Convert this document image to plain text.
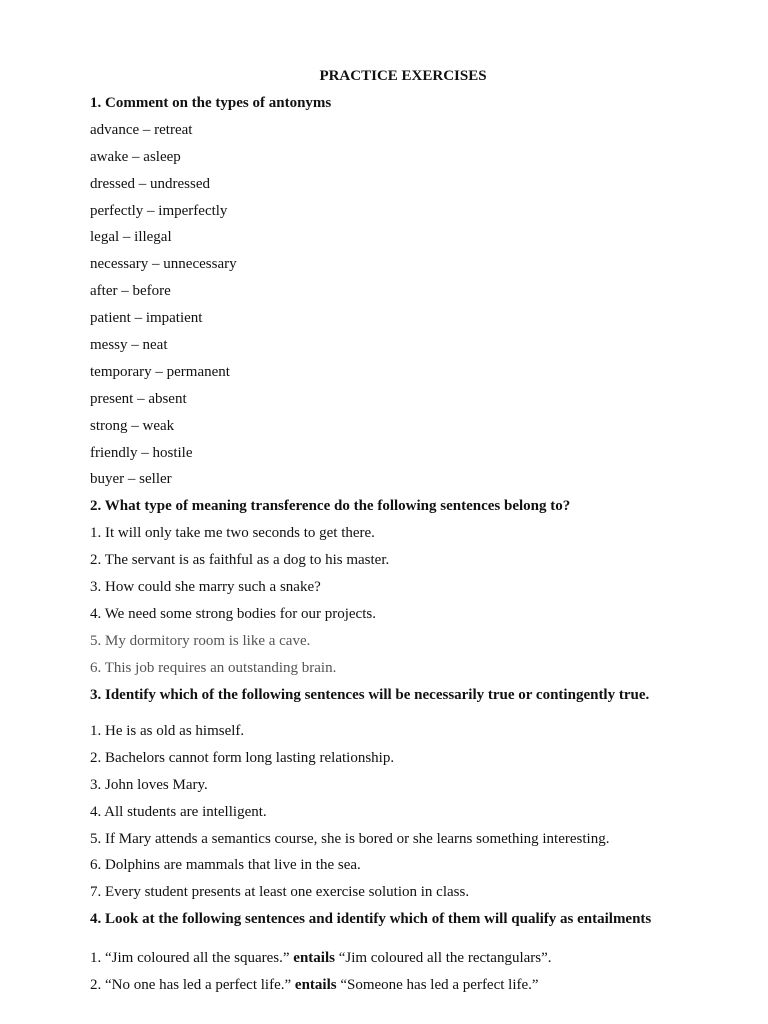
PRACTICE EXERCISES
1. Comment on the types of antonyms
advance – retreat
awake – asleep
dressed – undressed
perfectly – imperfectly
legal – illegal
necessary – unnecessary
after – before
patient – impatient
messy – neat
temporary – permanent
present – absent
strong – weak
friendly – hostile
buyer – seller
2. What type of meaning transference do the following sentences belong to?
1. It will only take me two seconds to get there.
2. The servant is as faithful as a dog to his master.
3. How could she marry such a snake?
4. We need some strong bodies for our projects.
5. My dormitory room is like a cave.
6. This job requires an outstanding brain.
3. Identify which of the following sentences will be necessarily true or contingently true.
1. He is as old as himself.
2. Bachelors cannot form long lasting relationship.
3. John loves Mary.
4. All students are intelligent.
5. If Mary attends a semantics course, she is bored or she learns something interesting.
6. Dolphins are mammals that live in the sea.
7. Every student presents at least one exercise solution in class.
4. Look at the following sentences and identify which of them will qualify as entailments
1. “Jim coloured all the squares.” entails “Jim coloured all the rectangulars”.
2. “No one has led a perfect life.” entails “Someone has led a perfect life.”
